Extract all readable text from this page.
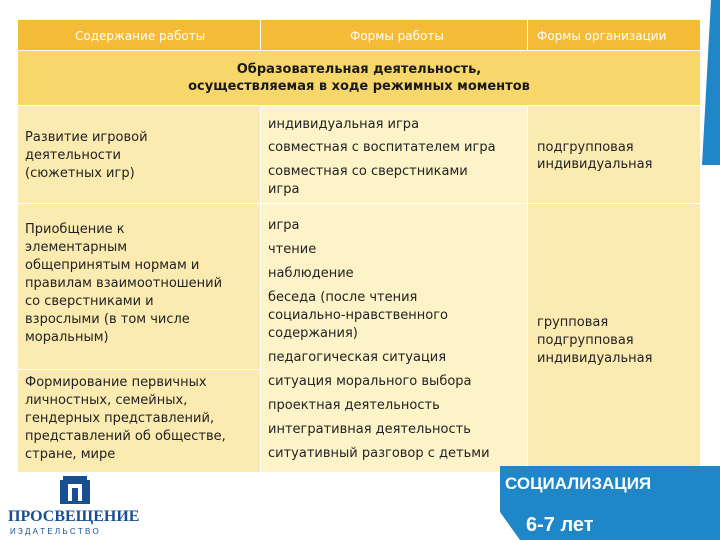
Содержание работы	Формы работы	Формы организации
Образовательная деятельность,
осуществляемая в ходе режимных моментов
Развитие игровой
деятельности
(сюжетных игр)
индивидуальная игра
совместная с воспитателем игра
совместная со сверстниками
игра
подгрупповая
индивидуальная
Приобщение к
элементарным
общепринятым нормам и
правилам взаимоотношений
со сверстниками и
взрослыми (в том числе
моральным)
игра
чтение
наблюдение
беседа (после чтения
социально-нравственного
содержания)
педагогическая ситуация
групповая
подгрупповая
индивидуальная
Формирование первичных
личностных, семейных,
гендерных представлений,
представлений об обществе,
стране, мире
ситуация морального выбора
проектная деятельность
интегративная деятельность
ситуативный разговор с детьми
СОЦИАЛИЗАЦИЯ
6-7 лет
ПРОСВЕЩЕНИЕ
И З Д А Т Е Л Ь С Т В О
